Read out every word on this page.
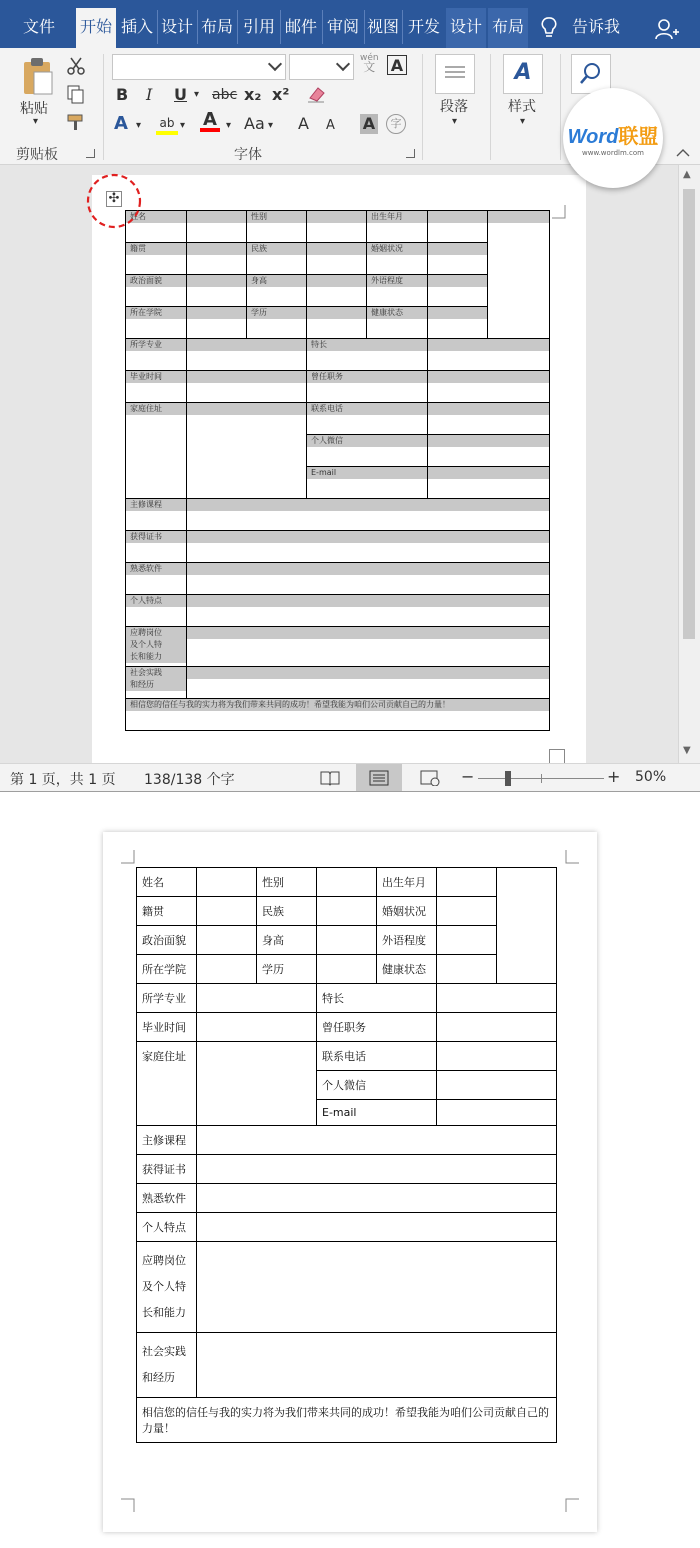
文件	开始 插入 设计 布局 引用 邮件 审阅 视图 开发 设计 布局	告诉我
粘贴
▾
剪贴板
wén
文 A
B I U ▾ abc x₂ x²
A ▾ ab ▾ A ▾ Aa ▾ A A A	字
字体
段落
▾
A
样式
▾
姓名		性别		出生年月		

籍贯		民族		婚姻状况		

政治面貌		身高		外语程度		

所在学院		学历		健康状态		

所学专业			特长			

毕业时间			曾任职务			

家庭住址			联系电话			

			个人微信			

			E-mail			

主修课程						

获得证书						

熟悉软件						

个人特点						

应聘岗位
及个人特
长和能力						

社会实践
和经历						

相信您的信任与我的实力将为我们带来共同的成功！希望我能为咱们公司贡献自己的力量！						
✣
▲
▼
Word联盟
www.wordlm.com
第 1 页，共 1 页 138/138 个字	−	+ 50%
姓名		性别		出生年月		
籍贯		民族		婚姻状况		
政治面貌		身高		外语程度		
所在学院		学历		健康状态		
所学专业			特长			
毕业时间			曾任职务			
家庭住址			联系电话			
			个人微信			
			E-mail			
主修课程						
获得证书						
熟悉软件						
个人特点						

应聘岗位
及个人特
长和能力						

社会实践
和经历						

相信您的信任与我的实力将为我们带来共同的成功！希望我能为咱们公司贡献自己的力量！						
